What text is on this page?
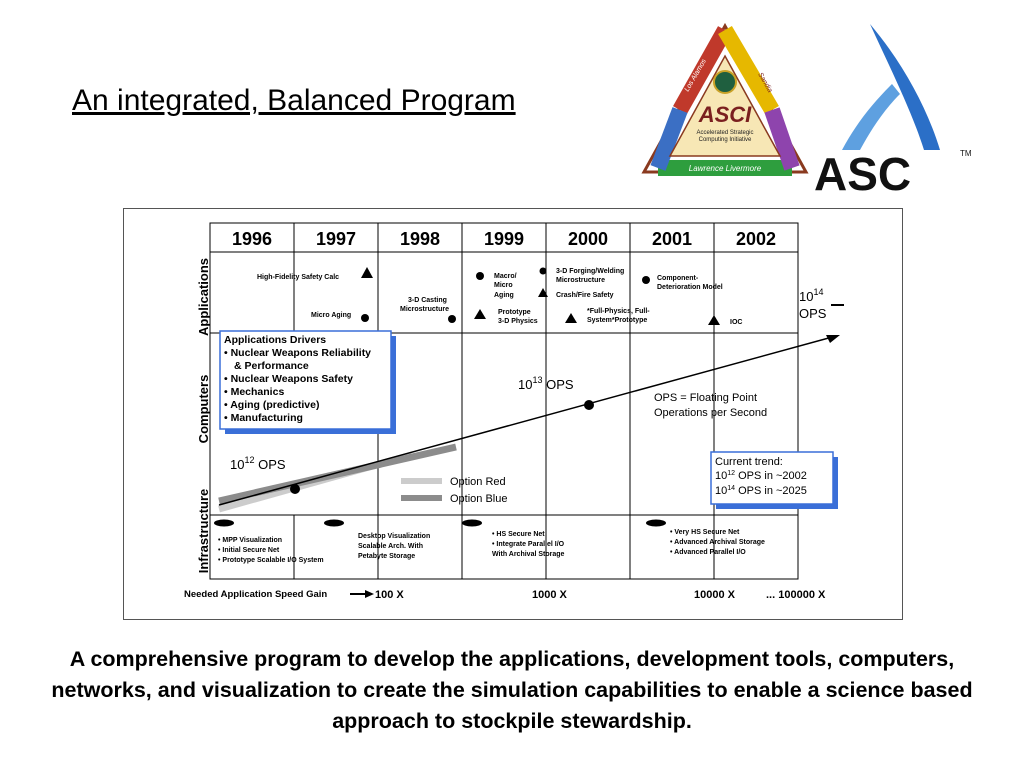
An integrated, Balanced Program	ASCI
Accelerated Strategic
Computing Initiative
Lawrence Livermore
Los Alamos	Sandia
ASC	TM
1996 1997 1998 1999 2000 2001 2002
Applications
Computers
Infrastructure
High-Fidelity Safety Calc
Micro Aging
3-D Casting
Microstructure
Macro/
Micro
Aging
3-D Forging/Welding
Microstructure
Crash/Fire Safety
Prototype
3-D Physics
*Full-Physics, Full-
System*Prototype
Component-
Deterioration Model
IOC
$10^{14}$
OPS
$10^{13}$ OPS
$10^{12}$ OPS
Applications Drivers
• Nuclear Weapons Reliability
& Performance
• Nuclear Weapons Safety
• Mechanics
• Aging (predictive)
• Manufacturing
OPS = Floating Point
Operations per Second
Current trend:
$10^{12}$ OPS in ~2002
$10^{14}$ OPS in ~2025
Option Red
Option Blue
• MPP Visualization
• Initial Secure Net
• Prototype Scalable I/O System
Desktop Visualization
Scalable Arch. With
Petabyte Storage
• HS Secure Net
• Integrate Parallel I/O
With Archival Storage
• Very HS Secure Net
• Advanced Archival Storage
• Advanced Parallel I/O
Needed Application Speed Gain	100 X	1000 X	10000 X	... 100000 X
A comprehensive program to develop the applications, development tools, computers, networks, and visualization to create the simulation capabilities to enable a science based approach to stockpile stewardship.
